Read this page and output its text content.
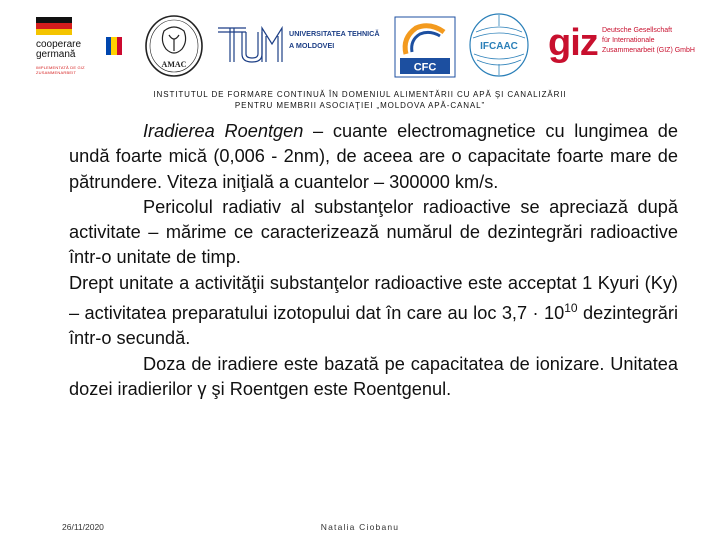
cooperare
germană
IMPLEMENTATĂ DE GIZ ZUSAMMENARBEIT
AMAC
UNIVERSITATEA TEHNICĂ
A MOLDOVEI
CFC
IFCAAC giz Deutsche Gesellschaft
für Internationale
Zusammenarbeit (GIZ) GmbH
INSTITUTUL DE FORMARE CONTINUĂ ÎN DOMENIUL ALIMENTĂRII CU APĂ ŞI CANALIZĂRII
PENTRU MEMBRII ASOCIAŢIEI „MOLDOVA APĂ-CANAL”

Iradierea Roentgen – cuante electromagnetice cu lungimea de undă foarte mică (0,006 - 2nm), de aceea are o capacitate foarte mare de pătrundere. Viteza iniţială a cuantelor – 300000 km/s.

Pericolul radiativ al substanţelor radioactive se apreciază după activitate – mărime ce caracterizează numărul de dezintegrări radioactive într-o unitate de timp.

Drept unitate a activităţii substanţelor radioactive este acceptat 1 Kyuri (Ky) – activitatea preparatului izotopului dat în care au loc $3,7 \cdot 10^{10}$ dezintegrări într-o secundă.

Doza de iradiere este bazată pe capacitatea de ionizare. Unitatea dozei iradierilor γ şi Roentgen este Roentgenul.

26/11/2020	Natalia Ciobanu
